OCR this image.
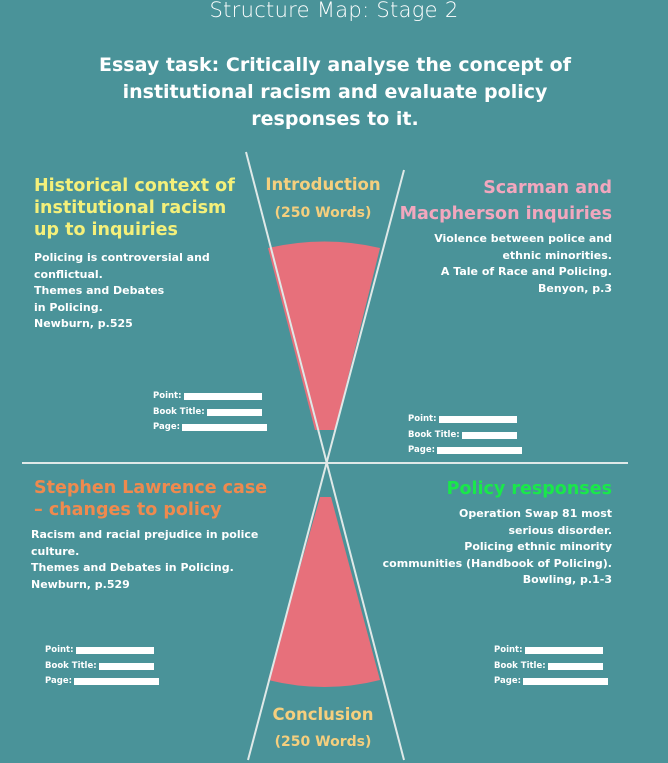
Structure Map: Stage 2
Essay task: Critically analyse the concept of institutional racism and evaluate policy responses to it.
Introduction
(250 Words)
Conclusion
(250 Words)
Historical context of institutional racism up to inquiries
Policing is controversial and
conflictual.
Themes and Debates
in Policing.
Newburn, p.525
Scarman and
Macpherson inquiries
Violence between police and
ethnic minorities.
A Tale of Race and Policing.
Benyon, p.3
Stephen Lawrence case
– changes to policy
Racism and racial prejudice in police
culture.
Themes and Debates in Policing.
Newburn, p.529
Policy responses
Operation Swap 81 most
serious disorder.
Policing ethnic minority
communities (Handbook of Policing).
Bowling, p.1-3
Point:
Book Title:
Page:
Point:
Book Title:
Page:
Point:
Book Title:
Page:
Point:
Book Title:
Page:
